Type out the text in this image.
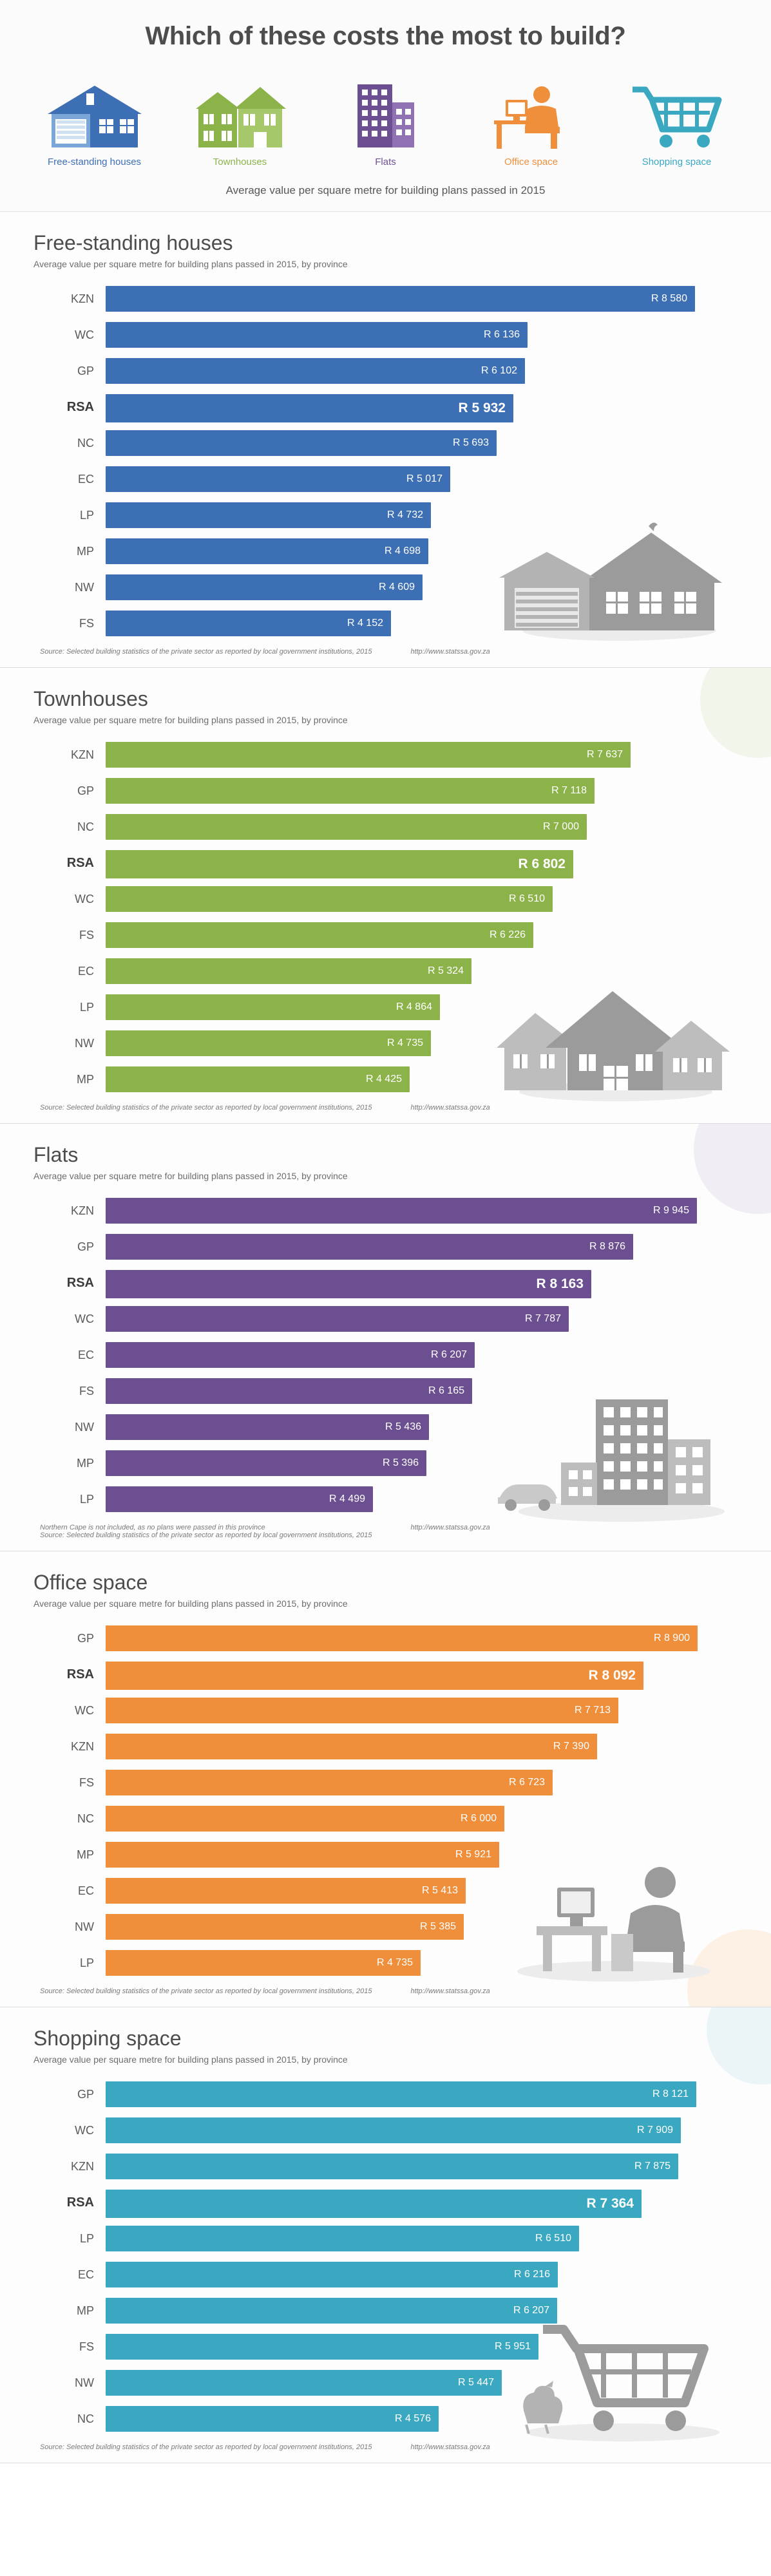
Which of these costs the most to build?
Free-standing houses	Townhouses	Flats	Office space	Shopping space
Average value per square metre for building plans passed in 2015
Free-standing houses
Average value per square metre for building plans passed in 2015, by province
KZN	R 8 580
WC	R 6 136
GP	R 6 102
RSA	R 5 932
NC	R 5 693
EC	R 5 017
LP	R 4 732
MP	R 4 698
NW	R 4 609
FS	R 4 152
Source: Selected building statistics of the private sector as reported by local government institutions, 2015	http://www.statssa.gov.za
Townhouses
Average value per square metre for building plans passed in 2015, by province
KZN	R 7 637
GP	R 7 118
NC	R 7 000
RSA	R 6 802
WC	R 6 510
FS	R 6 226
EC	R 5 324
LP	R 4 864
NW	R 4 735
MP	R 4 425
Source: Selected building statistics of the private sector as reported by local government institutions, 2015	http://www.statssa.gov.za
Flats
Average value per square metre for building plans passed in 2015, by province
KZN	R 9 945
GP	R 8 876
RSA	R 8 163
WC	R 7 787
EC	R 6 207
FS	R 6 165
NW	R 5 436
MP	R 5 396
LP	R 4 499
Northern Cape is not included, as no plans were passed in this province
Source: Selected building statistics of the private sector as reported by local government institutions, 2015
http://www.statssa.gov.za
Office space
Average value per square metre for building plans passed in 2015, by province
GP	R 8 900
RSA	R 8 092
WC	R 7 713
KZN	R 7 390
FS	R 6 723
NC	R 6 000
MP	R 5 921
EC	R 5 413
NW	R 5 385
LP	R 4 735
Source: Selected building statistics of the private sector as reported by local government institutions, 2015	http://www.statssa.gov.za
Shopping space
Average value per square metre for building plans passed in 2015, by province
GP	R 8 121
WC	R 7 909
KZN	R 7 875
RSA	R 7 364
LP	R 6 510
EC	R 6 216
MP	R 6 207
FS	R 5 951
NW	R 5 447
NC	R 4 576
Source: Selected building statistics of the private sector as reported by local government institutions, 2015	http://www.statssa.gov.za
